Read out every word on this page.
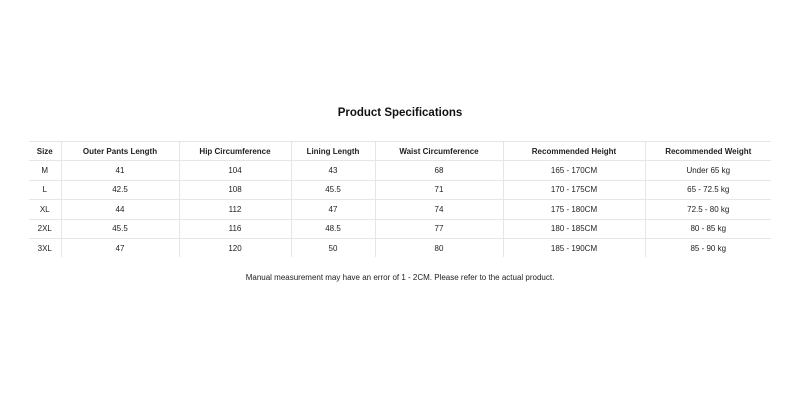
Product Specifications
Size	Outer Pants Length	Hip Circumference	Lining Length	Waist Circumference	Recommended Height	Recommended Weight
M	41	104	43	68	165 - 170CM	Under 65 kg
L	42.5	108	45.5	71	170 - 175CM	65 - 72.5 kg
XL	44	112	47	74	175 - 180CM	72.5 - 80 kg
2XL	45.5	116	48.5	77	180 - 185CM	80 - 85 kg
3XL	47	120	50	80	185 - 190CM	85 - 90 kg
Manual measurement may have an error of 1 - 2CM. Please refer to the actual product.
